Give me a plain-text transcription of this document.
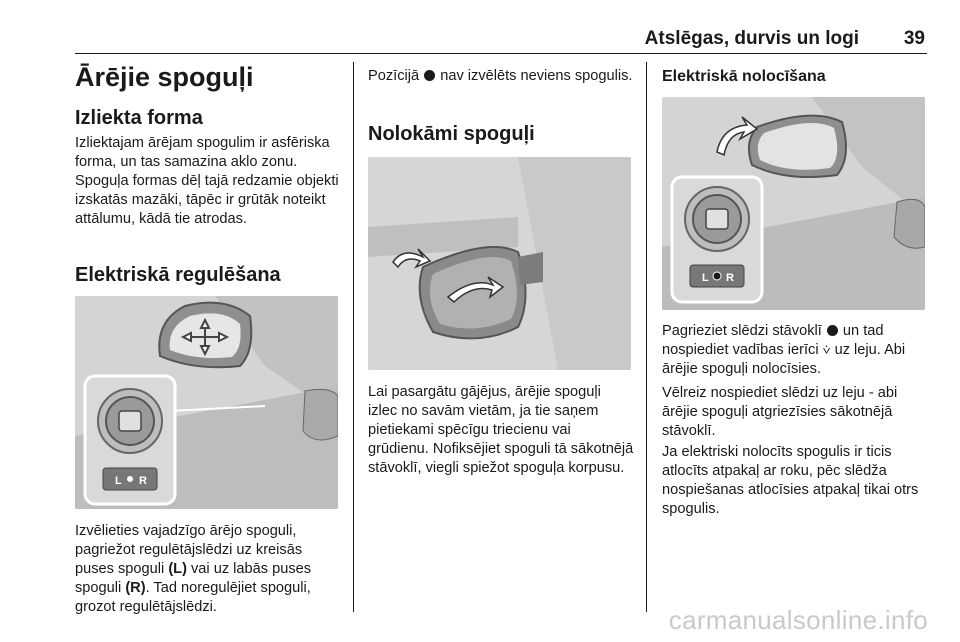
Atslēgas, durvis un logi 39
Ārējie spoguļi
Izliekta forma

Izliektajam ārējam spogulim ir asfēriska forma, un tas samazina aklo zonu. Spoguļa formas dēļ tajā redzamie objekti izskatās mazāki, tāpēc ir grūtāk noteikt attālumu, kādā tie atrodas.

Elektriskā regulēšana
L R

Izvēlieties vajadzīgo ārējo spoguli, pagriežot regulētājslēdzi uz kreisās puses spoguli (L) vai uz labās puses spoguli (R). Tad noregulējiet spoguli, grozot regulētājslēdzi.

Pozīcijā  nav izvēlēts neviens spogulis.

Nolokāmi spoguļi

Lai pasargātu gājējus, ārējie spoguļi izlec no savām vietām, ja tie saņem pietiekami spēcīgu triecienu vai grūdienu. Nofiksējiet spoguli tā sākotnējā stāvoklī, viegli spiežot spoguļa korpusu.

Elektriskā nolocīšana
L R

Pagrieziet slēdzi stāvoklī  un tad nospiediet vadības ierīci ⩒ uz leju. Abi ārējie spoguļi nolocīsies.

Vēlreiz nospiediet slēdzi uz leju - abi ārējie spoguļi atgriezīsies sākotnējā stāvoklī.

Ja elektriski nolocīts spogulis ir ticis atlocīts atpakaļ ar roku, pēc slēdža nospiešanas atlocīsies atpakaļ tikai otrs spogulis.

carmanualsonline.info
